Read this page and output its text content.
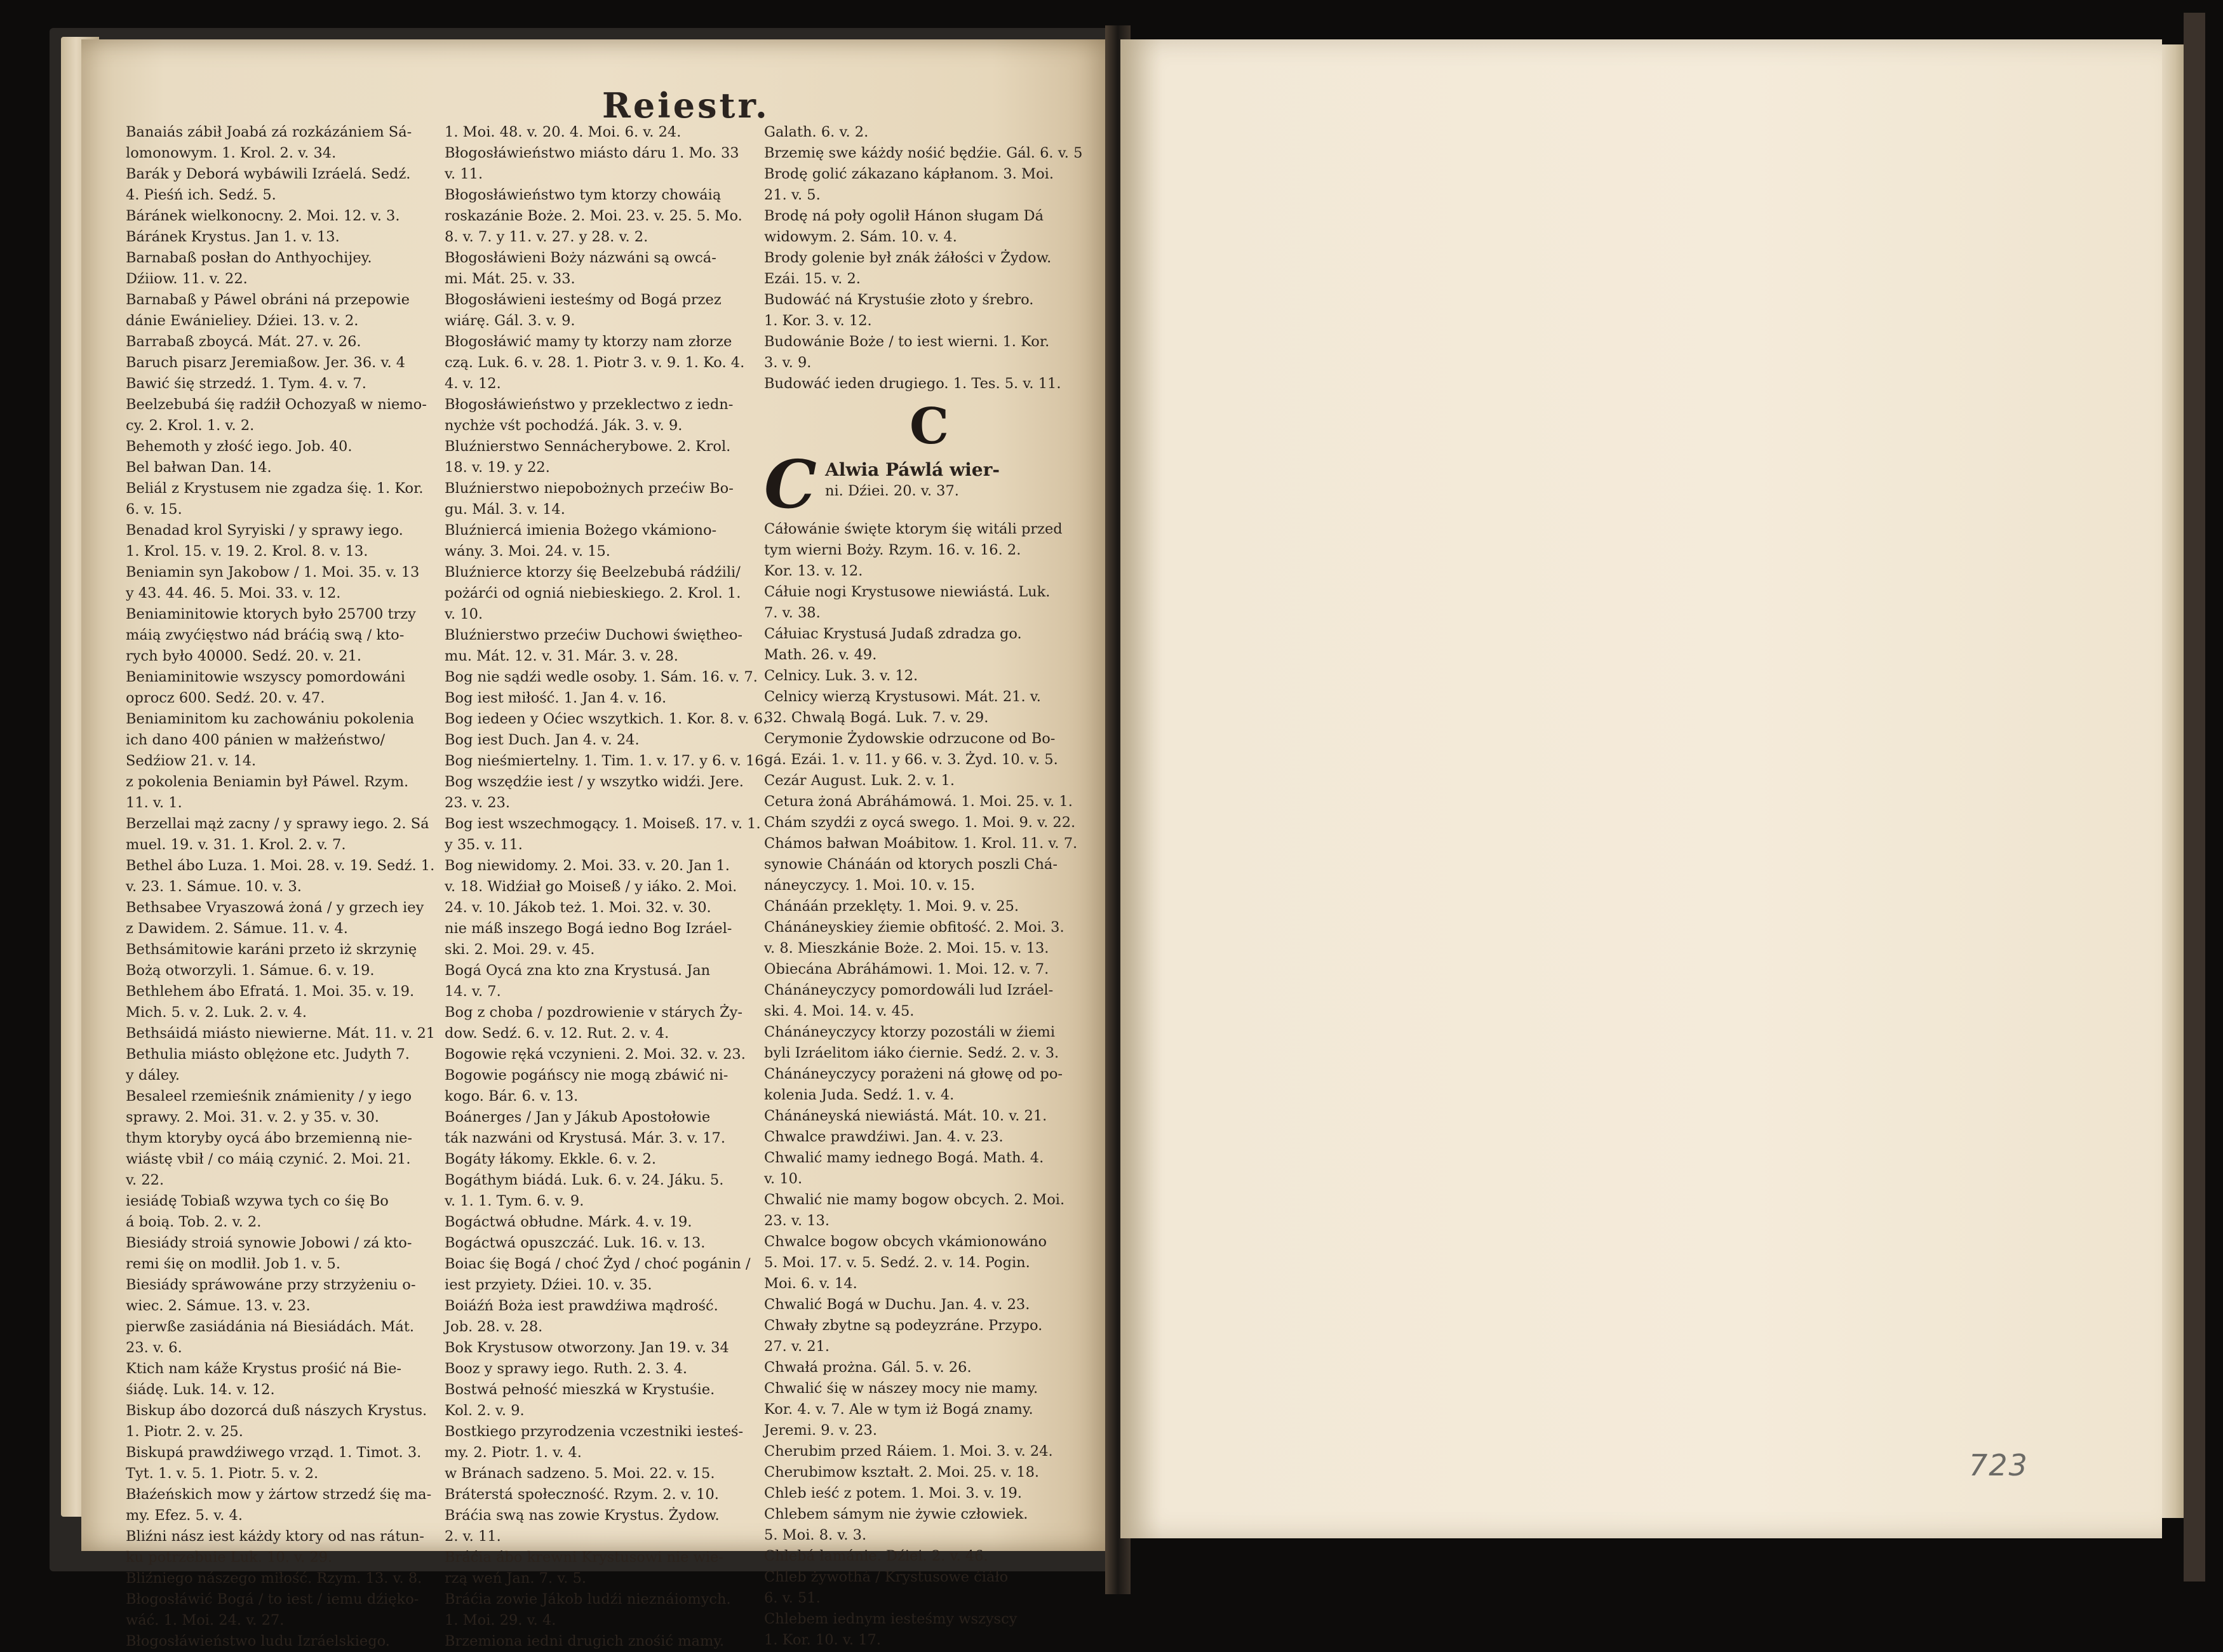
Reiestr.
Banaiás zábił Joabá zá rozkázániem Sá-
lomonowym. 1. Krol. 2. v. 34.
Barák y Deborá wybáwili Izráelá. Sedź.
4. Pieśń ich. Sedź. 5.
Báránek wielkonocny. 2. Moi. 12. v. 3.
Báránek Krystus. Jan 1. v. 13.
Barnabaß posłan do Anthyochijey.
Dźiiow. 11. v. 22.
Barnabaß y Páwel obráni ná przepowie
dánie Ewánieliey. Dźiei. 13. v. 2.
Barrabaß zboycá. Mát. 27. v. 26.
Baruch pisarz Jeremiaßow. Jer. 36. v. 4
Bawić śię strzedź. 1. Tym. 4. v. 7.
Beelzebubá śię radźił Ochozyaß w niemo-
cy. 2. Krol. 1. v. 2.
Behemoth y złość iego. Job. 40.
Bel bałwan Dan. 14.
Beliál z Krystusem nie zgadza śię. 1. Kor.
6. v. 15.
Benadad krol Syryiski / y sprawy iego.
1. Krol. 15. v. 19. 2. Krol. 8. v. 13.
Beniamin syn Jakobow / 1. Moi. 35. v. 13
y 43. 44. 46. 5. Moi. 33. v. 12.
Beniaminitowie ktorych było 25700 trzy
máią zwyćięstwo nád bráćią swą / kto-
rych było 40000. Sedź. 20. v. 21.
Beniaminitowie wszyscy pomordowáni
oprocz 600. Sedź. 20. v. 47.
Beniaminitom ku zachowániu pokolenia
ich dano 400 pánien w małżeństwo/
Sedźiow 21. v. 14.
z pokolenia Beniamin był Páwel. Rzym.
11. v. 1.
Berzellai mąż zacny / y sprawy iego. 2. Sá
muel. 19. v. 31. 1. Krol. 2. v. 7.
Bethel ábo Luza. 1. Moi. 28. v. 19. Sedź. 1.
v. 23. 1. Sámue. 10. v. 3.
Bethsabee Vryaszowá żoná / y grzech iey
z Dawidem. 2. Sámue. 11. v. 4.
Bethsámitowie karáni przeto iż skrzynię
Bożą otworzyli. 1. Sámue. 6. v. 19.
Bethlehem ábo Efratá. 1. Moi. 35. v. 19.
Mich. 5. v. 2. Luk. 2. v. 4.
Bethsáidá miásto niewierne. Mát. 11. v. 21
Bethulia miásto oblężone etc. Judyth 7.
y dáley.
Besaleel rzemieśnik známienity / y iego
sprawy. 2. Moi. 31. v. 2. y 35. v. 30.
thym ktoryby oycá ábo brzemienną nie-
wiástę vbił / co máią czynić. 2. Moi. 21.
v. 22.
iesiádę Tobiaß wzywa tych co śię Bo
á boią. Tob. 2. v. 2.
Biesiády stroiá synowie Jobowi / zá kto-
remi śię on modlił. Job 1. v. 5.
Biesiády spráwowáne przy strzyżeniu o-
wiec. 2. Sámue. 13. v. 23.
pierwße zasiádánia ná Biesiádách. Mát.
23. v. 6.
Ktich nam káže Krystus prośić ná Bie-
śiádę. Luk. 14. v. 12.
Biskup ábo dozorcá duß nászych Krystus.
1. Piotr. 2. v. 25.
Biskupá prawdźiwego vrząd. 1. Timot. 3.
Tyt. 1. v. 5. 1. Piotr. 5. v. 2.
Błaźeńskich mow y żártow strzedź śię ma-
my. Efez. 5. v. 4.
Bliźni nász iest káżdy ktory od nas rátun-
ku potrzebuie Luk. 10. v. 29.
Bliźniego nászego miłość. Rzym. 13. v. 8.
Błogosłáwić Bogá / to iest / iemu dźięko-
wáć. 1. Moi. 24. v. 27.
Błogosłáwieństwo ludu Izráelskiego.
1. Moi. 48. v. 20. 4. Moi. 6. v. 24.
Błogosłáwieństwo miásto dáru 1. Mo. 33
v. 11.
Błogosłáwieństwo tym ktorzy chowáią
roskazánie Boże. 2. Moi. 23. v. 25. 5. Mo.
8. v. 7. y 11. v. 27. y 28. v. 2.
Błogosłáwieni Boży názwáni są owcá-
mi. Mát. 25. v. 33.
Błogosłáwieni iesteśmy od Bogá przez
wiárę. Gál. 3. v. 9.
Błogosłáwić mamy ty ktorzy nam złorze
czą. Luk. 6. v. 28. 1. Piotr 3. v. 9. 1. Ko. 4.
4. v. 12.
Błogosłáwieństwo y przeklectwo z iedn-
nychże vśt pochodźá. Ják. 3. v. 9.
Bluźnierstwo Sennácherybowe. 2. Krol.
18. v. 19. y 22.
Bluźnierstwo niepobożnych przećiw Bo-
gu. Mál. 3. v. 14.
Bluźniercá imienia Bożego vkámiono-
wány. 3. Moi. 24. v. 15.
Bluźnierce ktorzy śię Beelzebubá rádźili/
pożárći od ogniá niebieskiego. 2. Krol. 1.
v. 10.
Bluźnierstwo przećiw Duchowi świętheo-
mu. Mát. 12. v. 31. Már. 3. v. 28.
Bog nie sądźi wedle osoby. 1. Sám. 16. v. 7.
Bog iest miłość. 1. Jan 4. v. 16.
Bog iedeen y Oćiec wszytkich. 1. Kor. 8. v. 6.
Bog iest Duch. Jan 4. v. 24.
Bog nieśmiertelny. 1. Tim. 1. v. 17. y 6. v. 16
Bog wszędźie iest / y wszytko widźi. Jere.
23. v. 23.
Bog iest wszechmogący. 1. Moiseß. 17. v. 1.
y 35. v. 11.
Bog niewidomy. 2. Moi. 33. v. 20. Jan 1.
v. 18. Widźiał go Moiseß / y iáko. 2. Moi.
24. v. 10. Jákob też. 1. Moi. 32. v. 30.
nie máß inszego Bogá iedno Bog Izráel-
ski. 2. Moi. 29. v. 45.
Bogá Oycá zna kto zna Krystusá. Jan
14. v. 7.
Bog z choba / pozdrowienie v stárych Ży-
dow. Sedź. 6. v. 12. Rut. 2. v. 4.
Bogowie ręká vczynieni. 2. Moi. 32. v. 23.
Bogowie pogáńscy nie mogą zbáwić ni-
kogo. Bár. 6. v. 13.
Boánerges / Jan y Jákub Apostołowie
ták nazwáni od Krystusá. Már. 3. v. 17.
Bogáty łákomy. Ekkle. 6. v. 2.
Bogáthym biádá. Luk. 6. v. 24. Jáku. 5.
v. 1. 1. Tym. 6. v. 9.
Bogáctwá obłudne. Márk. 4. v. 19.
Bogáctwá opuszczáć. Luk. 16. v. 13.
Boiac śię Bogá / choć Żyd / choć pogánin /
iest przyiety. Dźiei. 10. v. 35.
Boiáźń Boża iest prawdźiwa mądrość.
Job. 28. v. 28.
Bok Krystusow otworzony. Jan 19. v. 34
Booz y sprawy iego. Ruth. 2. 3. 4.
Bostwá pełność mieszká w Krystuśie.
Kol. 2. v. 9.
Bostkiego przyrodzenia vczestniki iesteś-
my. 2. Piotr. 1. v. 4.
w Bránach sadzeno. 5. Moi. 22. v. 15.
Bráterstá społeczność. Rzym. 2. v. 10.
Bráćia swą nas zowie Krystus. Żydow.
2. v. 11.
Bráćia ábo krewni Krystusowi nie wie-
rzą weń Jan. 7. v. 5.
Bráćia zowie Jákob ludźi nieznáiomych.
1. Moi. 29. v. 4.
Brzemiona iedni drugich znośić mamy.
Galath. 6. v. 2.
Brzemię swe káżdy nośić będźie. Gál. 6. v. 5
Brodę golić zákazano kápłanom. 3. Moi.
21. v. 5.
Brodę ná poły ogolił Hánon sługam Dá
widowym. 2. Sám. 10. v. 4.
Brody golenie był znák żáłości v Żydow.
Ezái. 15. v. 2.
Budowáć ná Krystuśie złoto y śrebro.
1. Kor. 3. v. 12.
Budowánie Boże / to iest wierni. 1. Kor.
3. v. 9.
Budowáć ieden drugiego. 1. Tes. 5. v. 11.
C
C Alwia Páwlá wier-
ni. Dźiei. 20. v. 37.
Cáłowánie święte ktorym śię witáli przed
tym wierni Boży. Rzym. 16. v. 16. 2.
Kor. 13. v. 12.
Cáłuie nogi Krystusowe niewiástá. Luk.
7. v. 38.
Cáłuiac Krystusá Judaß zdradza go.
Math. 26. v. 49.
Celnicy. Luk. 3. v. 12.
Celnicy wierzą Krystusowi. Mát. 21. v.
32. Chwalą Bogá. Luk. 7. v. 29.
Cerymonie Żydowskie odrzucone od Bo-
gá. Ezái. 1. v. 11. y 66. v. 3. Żyd. 10. v. 5.
Cezár August. Luk. 2. v. 1.
Cetura żoná Abráhámowá. 1. Moi. 25. v. 1.
Chám szydźi z oycá swego. 1. Moi. 9. v. 22.
Chámos bałwan Moábitow. 1. Krol. 11. v. 7.
synowie Chánáán od ktorych poszli Chá-
náneyczycy. 1. Moi. 10. v. 15.
Chánáán przeklęty. 1. Moi. 9. v. 25.
Chánáneyskiey źiemie obfitość. 2. Moi. 3.
v. 8. Mieszkánie Boże. 2. Moi. 15. v. 13.
Obiecána Abráhámowi. 1. Moi. 12. v. 7.
Chánáneyczycy pomordowáli lud Izráel-
ski. 4. Moi. 14. v. 45.
Chánáneyczycy ktorzy pozostáli w źiemi
byli Izráelitom iáko ćiernie. Sedź. 2. v. 3.
Chánáneyczycy porażeni ná głowę od po-
kolenia Juda. Sedź. 1. v. 4.
Chánáneyská niewiástá. Mát. 10. v. 21.
Chwalce prawdźiwi. Jan. 4. v. 23.
Chwalić mamy iednego Bogá. Math. 4.
v. 10.
Chwalić nie mamy bogow obcych. 2. Moi.
23. v. 13.
Chwalce bogow obcych vkámionowáno
5. Moi. 17. v. 5. Sedź. 2. v. 14. Pogin.
Moi. 6. v. 14.
Chwalić Bogá w Duchu. Jan. 4. v. 23.
Chwały zbytne są podeyzráne. Przypo.
27. v. 21.
Chwałá prożna. Gál. 5. v. 26.
Chwalić śię w nászey mocy nie mamy.
Kor. 4. v. 7. Ale w tym iż Bogá znamy.
Jeremi. 9. v. 23.
Cherubim przed Ráiem. 1. Moi. 3. v. 24.
Cherubimow kształt. 2. Moi. 25. v. 18.
Chleb ieść z potem. 1. Moi. 3. v. 19.
Chlebem sámym nie żywie człowiek.
5. Moi. 8. v. 3.
Chlebá łamánie. Dźiei. 2. v. 46.
Chleb żywothá / Krystusowe ćiáło
6. v. 51.
Chlebem iednym iesteśmy wszyscy
1. Kor. 10. v. 17.
723
